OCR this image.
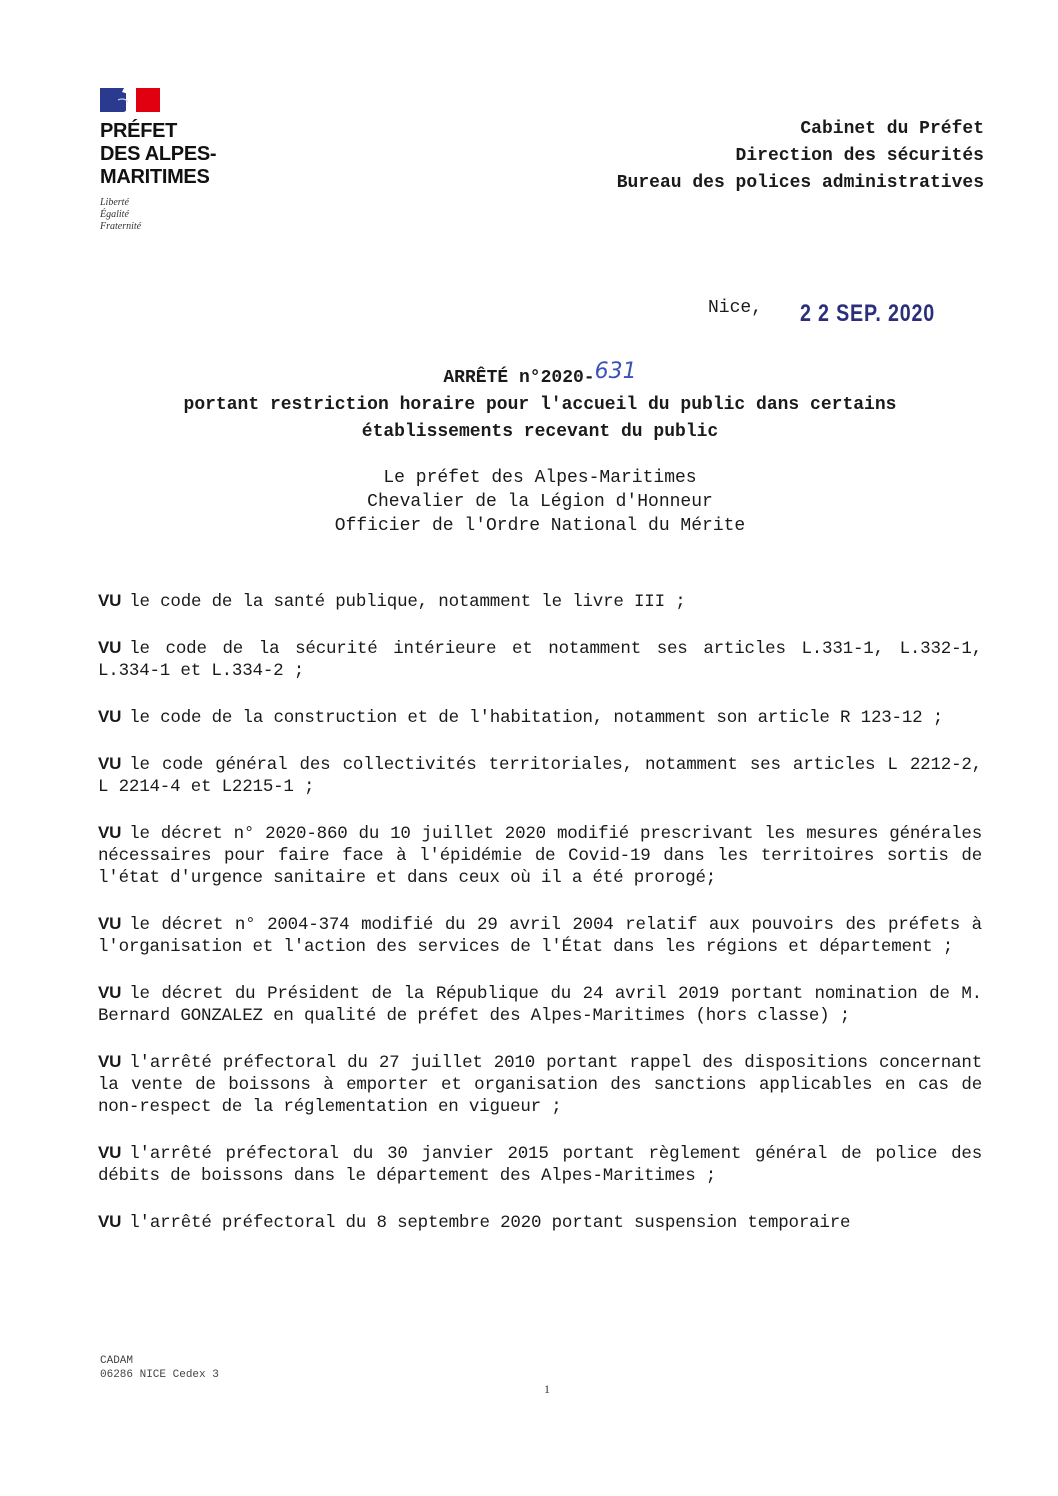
PRÉFET
DES ALPES-
MARITIMES
Liberté
Égalité
Fraternité
Cabinet du Préfet
Direction des sécurités
Bureau des polices administratives
Nice, 2 2 SEP. 2020
ARRÊTÉ n°2020-631
portant restriction horaire pour l'accueil du public dans certains
établissements recevant du public
Le préfet des Alpes-Maritimes
Chevalier de la Légion d'Honneur
Officier de l'Ordre National du Mérite

VU le code de la santé publique, notamment le livre III ;

VU le code de la sécurité intérieure et notamment ses articles L.331-1, L.332-1, L.334-1 et L.334-2 ;

VU le code de la construction et de l'habitation, notamment son article R 123-12 ;

VU le code général des collectivités territoriales, notamment ses articles L 2212-2, L 2214-4 et L2215-1 ;

VU le décret n° 2020-860 du 10 juillet 2020 modifié prescrivant les mesures générales nécessaires pour faire face à l'épidémie de Covid-19 dans les territoires sortis de l'état d'urgence sanitaire et dans ceux où il a été prorogé;

VU le décret n° 2004-374 modifié du 29 avril 2004 relatif aux pouvoirs des préfets à l'organisation et l'action des services de l'État dans les régions et département ;

VU le décret du Président de la République du 24 avril 2019 portant nomination de M. Bernard GONZALEZ en qualité de préfet des Alpes-Maritimes (hors classe) ;

VU l'arrêté préfectoral du 27 juillet 2010 portant rappel des dispositions concernant la vente de boissons à emporter et organisation des sanctions applicables en cas de non-respect de la réglementation en vigueur ;

VU l'arrêté préfectoral du 30 janvier 2015 portant règlement général de police des débits de boissons dans le département des Alpes-Maritimes ;

VU l'arrêté préfectoral du 8 septembre 2020 portant suspension temporaire

CADAM
06286 NICE Cedex 3
1
